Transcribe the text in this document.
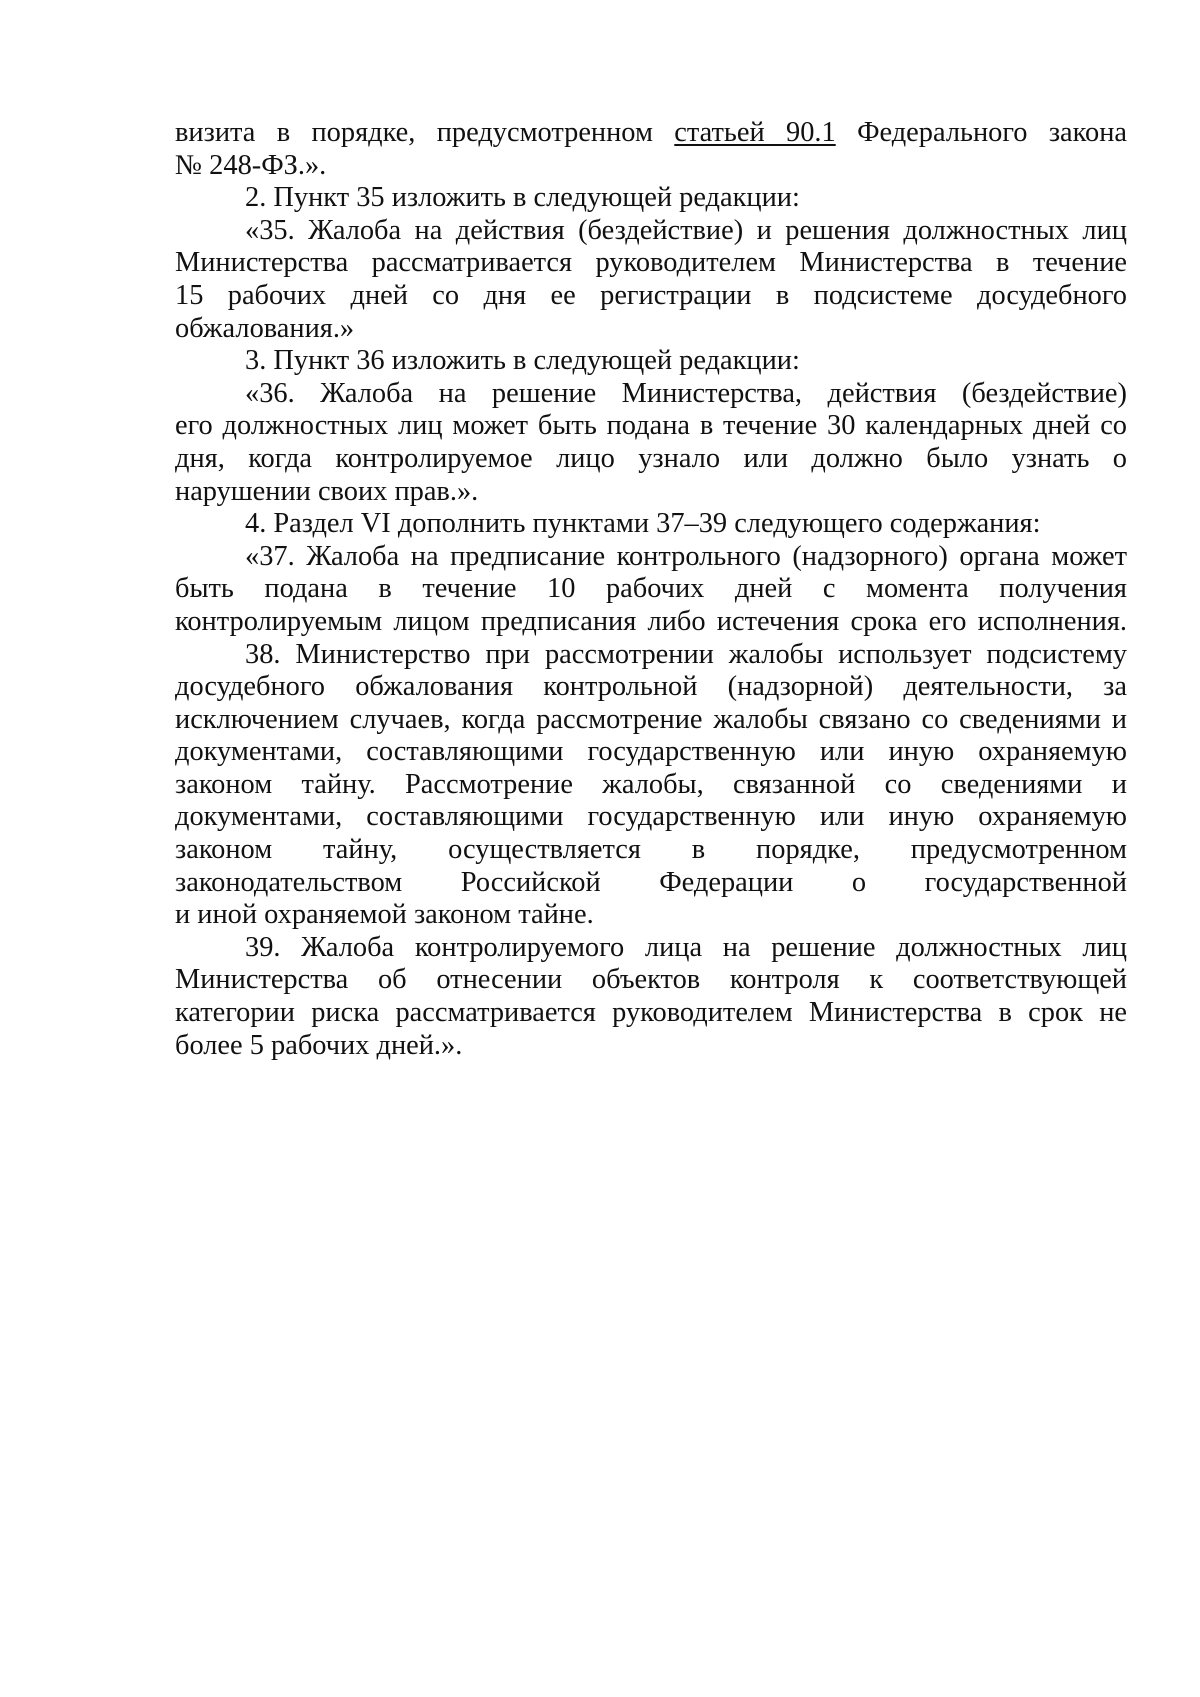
визита в порядке, предусмотренном статьей 90.1 Федерального закона
№ 248-ФЗ.».
2. Пункт 35 изложить в следующей редакции:
«35. Жалоба на действия (бездействие) и решения должностных лиц
Министерства рассматривается руководителем Министерства в течение
15 рабочих дней со дня ее регистрации в подсистеме досудебного
обжалования.»
3. Пункт 36 изложить в следующей редакции:
«36. Жалоба на решение Министерства, действия (бездействие)
его должностных лиц может быть подана в течение 30 календарных дней со
дня, когда контролируемое лицо узнало или должно было узнать о
нарушении своих прав.».
4. Раздел VI дополнить пунктами 37–39 следующего содержания:
«37. Жалоба на предписание контрольного (надзорного) органа может
быть подана в течение 10 рабочих дней с момента получения
контролируемым лицом предписания либо истечения срока его исполнения.
38. Министерство при рассмотрении жалобы использует подсистему
досудебного обжалования контрольной (надзорной) деятельности, за
исключением случаев, когда рассмотрение жалобы связано со сведениями и
документами, составляющими государственную или иную охраняемую
законом тайну. Рассмотрение жалобы, связанной со сведениями и
документами, составляющими государственную или иную охраняемую
законом тайну, осуществляется в порядке, предусмотренном
законодательством Российской Федерации о государственной
и иной охраняемой законом тайне.
39. Жалоба контролируемого лица на решение должностных лиц
Министерства об отнесении объектов контроля к соответствующей
категории риска рассматривается руководителем Министерства в срок не
более 5 рабочих дней.».
